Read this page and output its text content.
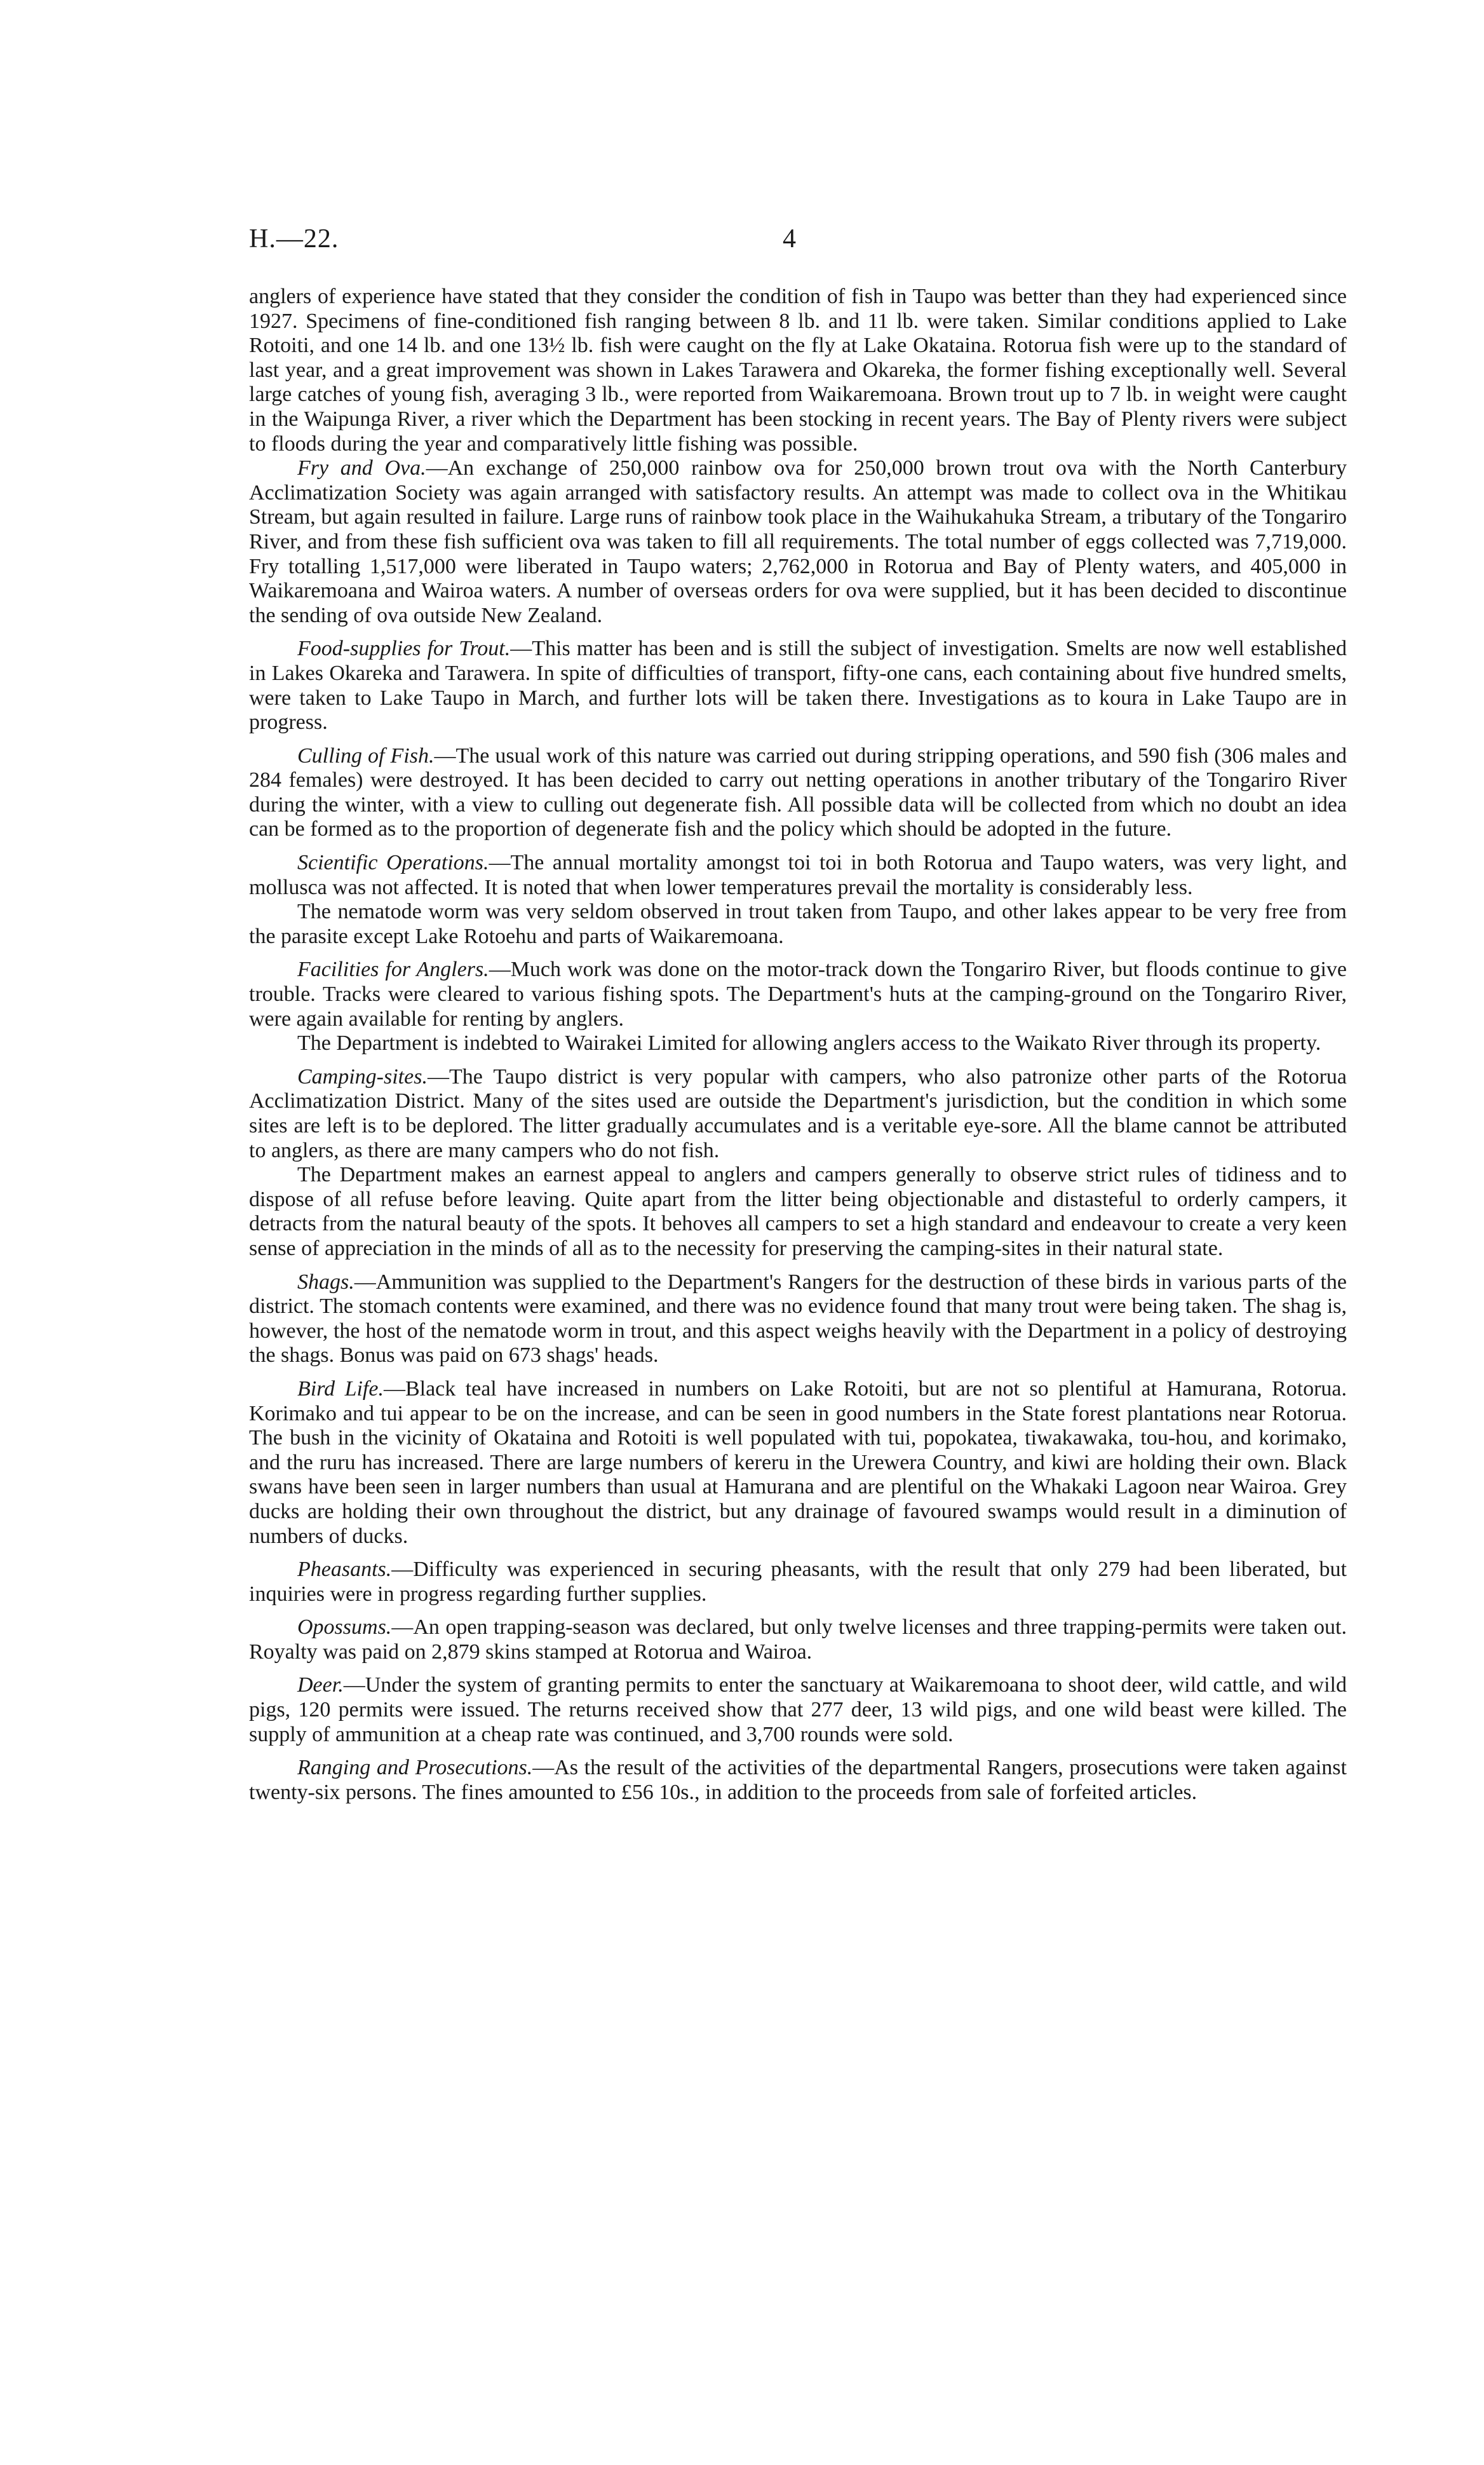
H.—22.	4

anglers of experience have stated that they consider the condition of fish in Taupo was better than they had experienced since 1927. Specimens of fine-conditioned fish ranging between 8 lb. and 11 lb. were taken. Similar conditions applied to Lake Rotoiti, and one 14 lb. and one 13½ lb. fish were caught on the fly at Lake Okataina. Rotorua fish were up to the standard of last year, and a great improvement was shown in Lakes Tarawera and Okareka, the former fishing exceptionally well. Several large catches of young fish, averaging 3 lb., were reported from Waikaremoana. Brown trout up to 7 lb. in weight were caught in the Waipunga River, a river which the Department has been stocking in recent years. The Bay of Plenty rivers were subject to floods during the year and comparatively little fishing was possible.

Fry and Ova.—An exchange of 250,000 rainbow ova for 250,000 brown trout ova with the North Canterbury Acclimatization Society was again arranged with satisfactory results. An attempt was made to collect ova in the Whitikau Stream, but again resulted in failure. Large runs of rainbow took place in the Waihukahuka Stream, a tributary of the Tongariro River, and from these fish sufficient ova was taken to fill all requirements. The total number of eggs collected was 7,719,000. Fry totalling 1,517,000 were liberated in Taupo waters; 2,762,000 in Rotorua and Bay of Plenty waters, and 405,000 in Waikaremoana and Wairoa waters. A number of overseas orders for ova were supplied, but it has been decided to discontinue the sending of ova outside New Zealand.

Food-supplies for Trout.—This matter has been and is still the subject of investigation. Smelts are now well established in Lakes Okareka and Tarawera. In spite of difficulties of transport, fifty-one cans, each containing about five hundred smelts, were taken to Lake Taupo in March, and further lots will be taken there. Investigations as to koura in Lake Taupo are in progress.

Culling of Fish.—The usual work of this nature was carried out during stripping operations, and 590 fish (306 males and 284 females) were destroyed. It has been decided to carry out netting operations in another tributary of the Tongariro River during the winter, with a view to culling out degenerate fish. All possible data will be collected from which no doubt an idea can be formed as to the proportion of degenerate fish and the policy which should be adopted in the future.

Scientific Operations.—The annual mortality amongst toi toi in both Rotorua and Taupo waters, was very light, and mollusca was not affected. It is noted that when lower temperatures prevail the mortality is considerably less.

The nematode worm was very seldom observed in trout taken from Taupo, and other lakes appear to be very free from the parasite except Lake Rotoehu and parts of Waikaremoana.

Facilities for Anglers.—Much work was done on the motor-track down the Tongariro River, but floods continue to give trouble. Tracks were cleared to various fishing spots. The Department's huts at the camping-ground on the Tongariro River, were again available for renting by anglers.

The Department is indebted to Wairakei Limited for allowing anglers access to the Waikato River through its property.

Camping-sites.—The Taupo district is very popular with campers, who also patronize other parts of the Rotorua Acclimatization District. Many of the sites used are outside the Department's jurisdiction, but the condition in which some sites are left is to be deplored. The litter gradually accumulates and is a veritable eye-sore. All the blame cannot be attributed to anglers, as there are many campers who do not fish.

The Department makes an earnest appeal to anglers and campers generally to observe strict rules of tidiness and to dispose of all refuse before leaving. Quite apart from the litter being objectionable and distasteful to orderly campers, it detracts from the natural beauty of the spots. It behoves all campers to set a high standard and endeavour to create a very keen sense of appreciation in the minds of all as to the necessity for preserving the camping-sites in their natural state.

Shags.—Ammunition was supplied to the Department's Rangers for the destruction of these birds in various parts of the district. The stomach contents were examined, and there was no evidence found that many trout were being taken. The shag is, however, the host of the nematode worm in trout, and this aspect weighs heavily with the Department in a policy of destroying the shags. Bonus was paid on 673 shags' heads.

Bird Life.—Black teal have increased in numbers on Lake Rotoiti, but are not so plentiful at Hamurana, Rotorua. Korimako and tui appear to be on the increase, and can be seen in good numbers in the State forest plantations near Rotorua. The bush in the vicinity of Okataina and Rotoiti is well populated with tui, popokatea, tiwakawaka, tou-hou, and korimako, and the ruru has increased. There are large numbers of kereru in the Urewera Country, and kiwi are holding their own. Black swans have been seen in larger numbers than usual at Hamurana and are plentiful on the Whakaki Lagoon near Wairoa. Grey ducks are holding their own throughout the district, but any drainage of favoured swamps would result in a diminution of numbers of ducks.

Pheasants.—Difficulty was experienced in securing pheasants, with the result that only 279 had been liberated, but inquiries were in progress regarding further supplies.

Opossums.—An open trapping-season was declared, but only twelve licenses and three trapping-permits were taken out. Royalty was paid on 2,879 skins stamped at Rotorua and Wairoa.

Deer.—Under the system of granting permits to enter the sanctuary at Waikaremoana to shoot deer, wild cattle, and wild pigs, 120 permits were issued. The returns received show that 277 deer, 13 wild pigs, and one wild beast were killed. The supply of ammunition at a cheap rate was continued, and 3,700 rounds were sold.

Ranging and Prosecutions.—As the result of the activities of the departmental Rangers, prosecutions were taken against twenty-six persons. The fines amounted to £56 10s., in addition to the proceeds from sale of forfeited articles.
